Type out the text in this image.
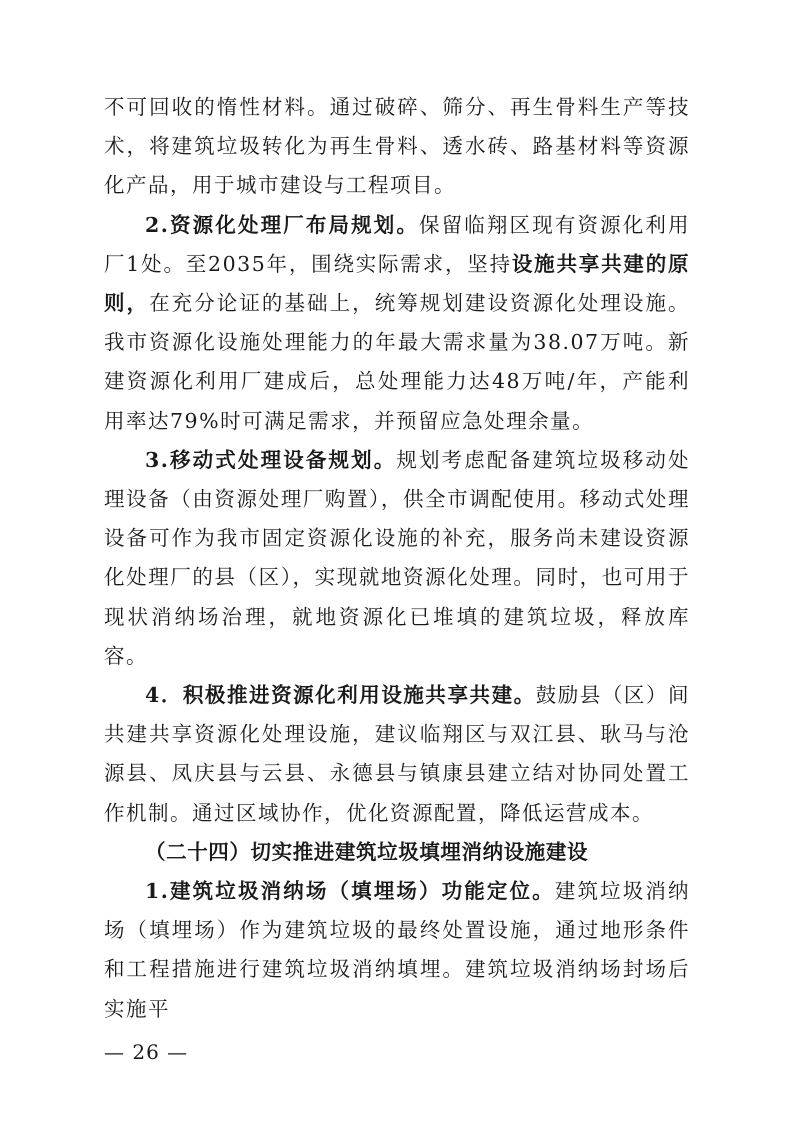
不可回收的惰性材料。通过破碎、筛分、再生骨料生产等技术，将建筑垃圾转化为再生骨料、透水砖、路基材料等资源化产品，用于城市建设与工程项目。

2.资源化处理厂布局规划。保留临翔区现有资源化利用厂1处。至2035年，围绕实际需求，坚持设施共享共建的原则，在充分论证的基础上，统筹规划建设资源化处理设施。我市资源化设施处理能力的年最大需求量为38.07万吨。新建资源化利用厂建成后，总处理能力达48万吨/年，产能利用率达79%时可满足需求，并预留应急处理余量。

3.移动式处理设备规划。规划考虑配备建筑垃圾移动处理设备（由资源处理厂购置），供全市调配使用。移动式处理设备可作为我市固定资源化设施的补充，服务尚未建设资源化处理厂的县（区），实现就地资源化处理。同时，也可用于现状消纳场治理，就地资源化已堆填的建筑垃圾，释放库容。

4．积极推进资源化利用设施共享共建。鼓励县（区）间共建共享资源化处理设施，建议临翔区与双江县、耿马与沧源县、凤庆县与云县、永德县与镇康县建立结对协同处置工作机制。通过区域协作，优化资源配置，降低运营成本。

（二十四）切实推进建筑垃圾填埋消纳设施建设

1.建筑垃圾消纳场（填埋场）功能定位。建筑垃圾消纳场（填埋场）作为建筑垃圾的最终处置设施，通过地形条件和工程措施进行建筑垃圾消纳填埋。建筑垃圾消纳场封场后实施平

— 26 —
